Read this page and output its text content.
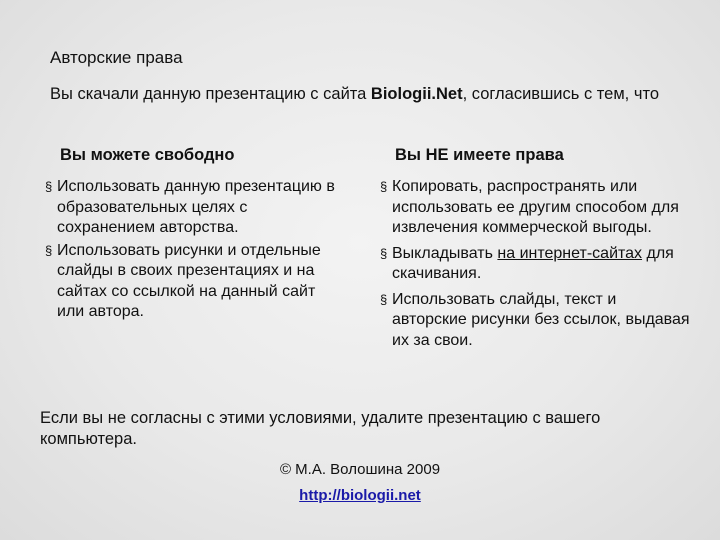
Авторские права
Вы скачали данную презентацию с сайта Biologii.Net, согласившись с тем, что
Вы можете свободно	Вы НЕ имеете права
§ Использовать данную презентацию в образовательных целях с сохранением авторства.
§ Использовать рисунки и отдельные слайды в своих презентациях и на сайтах со ссылкой на данный сайт или автора.
§ Копировать, распространять или использовать ее другим способом для извлечения коммерческой выгоды.
§ Выкладывать на интернет-сайтах для скачивания.
§ Использовать слайды, текст и авторские рисунки без ссылок, выдавая их за свои.
Если вы не согласны с этими условиями, удалите презентацию с вашего компьютера.
© М.А. Волошина 2009
http://biologii.net
